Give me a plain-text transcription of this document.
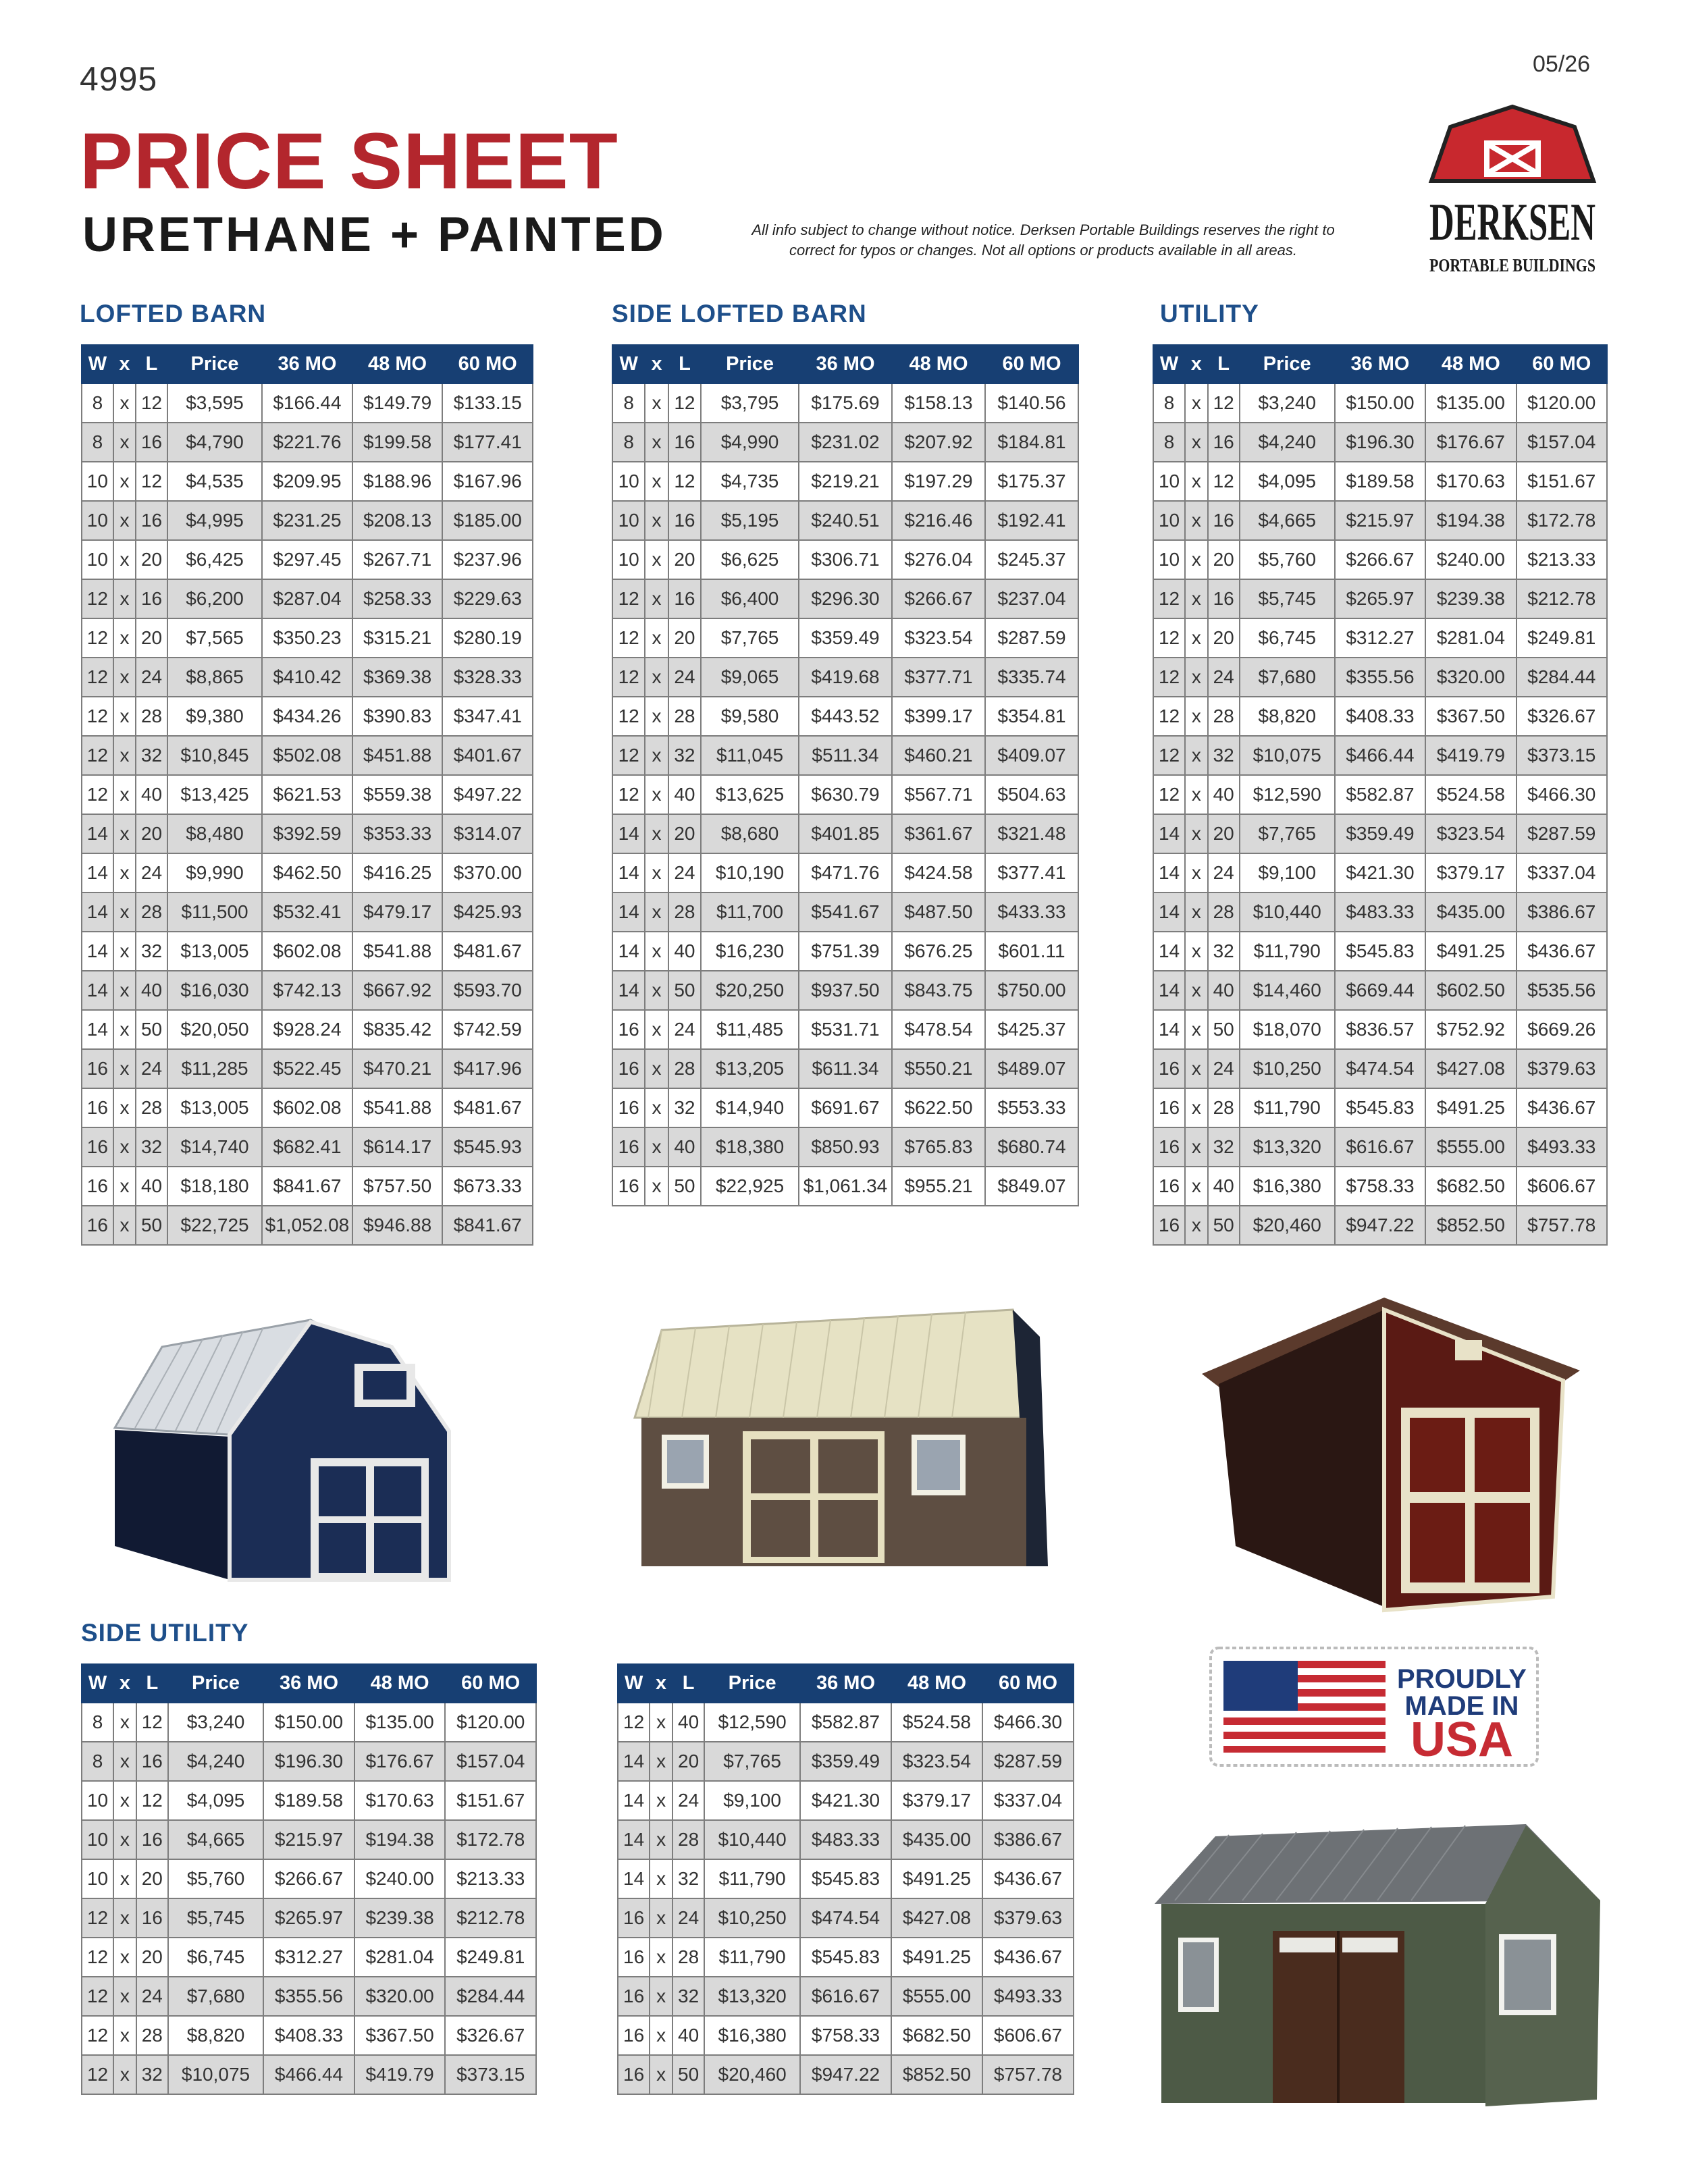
4995	05/26
PRICE SHEET
URETHANE + PAINTED	All info subject to change without notice. Derksen Portable Buildings reserves the right to correct for typos or changes. Not all options or products available in all areas.	DERKSEN
PORTABLE BUILDINGS
LOFTED BARN	SIDE LOFTED BARN	UTILITY
SIDE UTILITY
W	x	L	Price	36 MO	48 MO	60 MO
8	x	12	$3,595	$166.44	$149.79	$133.15
8	x	16	$4,790	$221.76	$199.58	$177.41
10	x	12	$4,535	$209.95	$188.96	$167.96
10	x	16	$4,995	$231.25	$208.13	$185.00
10	x	20	$6,425	$297.45	$267.71	$237.96
12	x	16	$6,200	$287.04	$258.33	$229.63
12	x	20	$7,565	$350.23	$315.21	$280.19
12	x	24	$8,865	$410.42	$369.38	$328.33
12	x	28	$9,380	$434.26	$390.83	$347.41
12	x	32	$10,845	$502.08	$451.88	$401.67
12	x	40	$13,425	$621.53	$559.38	$497.22
14	x	20	$8,480	$392.59	$353.33	$314.07
14	x	24	$9,990	$462.50	$416.25	$370.00
14	x	28	$11,500	$532.41	$479.17	$425.93
14	x	32	$13,005	$602.08	$541.88	$481.67
14	x	40	$16,030	$742.13	$667.92	$593.70
14	x	50	$20,050	$928.24	$835.42	$742.59
16	x	24	$11,285	$522.45	$470.21	$417.96
16	x	28	$13,005	$602.08	$541.88	$481.67
16	x	32	$14,740	$682.41	$614.17	$545.93
16	x	40	$18,180	$841.67	$757.50	$673.33
16	x	50	$22,725	$1,052.08	$946.88	$841.67
W	x	L	Price	36 MO	48 MO	60 MO
8	x	12	$3,795	$175.69	$158.13	$140.56
8	x	16	$4,990	$231.02	$207.92	$184.81
10	x	12	$4,735	$219.21	$197.29	$175.37
10	x	16	$5,195	$240.51	$216.46	$192.41
10	x	20	$6,625	$306.71	$276.04	$245.37
12	x	16	$6,400	$296.30	$266.67	$237.04
12	x	20	$7,765	$359.49	$323.54	$287.59
12	x	24	$9,065	$419.68	$377.71	$335.74
12	x	28	$9,580	$443.52	$399.17	$354.81
12	x	32	$11,045	$511.34	$460.21	$409.07
12	x	40	$13,625	$630.79	$567.71	$504.63
14	x	20	$8,680	$401.85	$361.67	$321.48
14	x	24	$10,190	$471.76	$424.58	$377.41
14	x	28	$11,700	$541.67	$487.50	$433.33
14	x	40	$16,230	$751.39	$676.25	$601.11
14	x	50	$20,250	$937.50	$843.75	$750.00
16	x	24	$11,485	$531.71	$478.54	$425.37
16	x	28	$13,205	$611.34	$550.21	$489.07
16	x	32	$14,940	$691.67	$622.50	$553.33
16	x	40	$18,380	$850.93	$765.83	$680.74
16	x	50	$22,925	$1,061.34	$955.21	$849.07
W	x	L	Price	36 MO	48 MO	60 MO
8	x	12	$3,240	$150.00	$135.00	$120.00
8	x	16	$4,240	$196.30	$176.67	$157.04
10	x	12	$4,095	$189.58	$170.63	$151.67
10	x	16	$4,665	$215.97	$194.38	$172.78
10	x	20	$5,760	$266.67	$240.00	$213.33
12	x	16	$5,745	$265.97	$239.38	$212.78
12	x	20	$6,745	$312.27	$281.04	$249.81
12	x	24	$7,680	$355.56	$320.00	$284.44
12	x	28	$8,820	$408.33	$367.50	$326.67
12	x	32	$10,075	$466.44	$419.79	$373.15
12	x	40	$12,590	$582.87	$524.58	$466.30
14	x	20	$7,765	$359.49	$323.54	$287.59
14	x	24	$9,100	$421.30	$379.17	$337.04
14	x	28	$10,440	$483.33	$435.00	$386.67
14	x	32	$11,790	$545.83	$491.25	$436.67
14	x	40	$14,460	$669.44	$602.50	$535.56
14	x	50	$18,070	$836.57	$752.92	$669.26
16	x	24	$10,250	$474.54	$427.08	$379.63
16	x	28	$11,790	$545.83	$491.25	$436.67
16	x	32	$13,320	$616.67	$555.00	$493.33
16	x	40	$16,380	$758.33	$682.50	$606.67
16	x	50	$20,460	$947.22	$852.50	$757.78
W	x	L	Price	36 MO	48 MO	60 MO
8	x	12	$3,240	$150.00	$135.00	$120.00
8	x	16	$4,240	$196.30	$176.67	$157.04
10	x	12	$4,095	$189.58	$170.63	$151.67
10	x	16	$4,665	$215.97	$194.38	$172.78
10	x	20	$5,760	$266.67	$240.00	$213.33
12	x	16	$5,745	$265.97	$239.38	$212.78
12	x	20	$6,745	$312.27	$281.04	$249.81
12	x	24	$7,680	$355.56	$320.00	$284.44
12	x	28	$8,820	$408.33	$367.50	$326.67
12	x	32	$10,075	$466.44	$419.79	$373.15
W	x	L	Price	36 MO	48 MO	60 MO
12	x	40	$12,590	$582.87	$524.58	$466.30
14	x	20	$7,765	$359.49	$323.54	$287.59
14	x	24	$9,100	$421.30	$379.17	$337.04
14	x	28	$10,440	$483.33	$435.00	$386.67
14	x	32	$11,790	$545.83	$491.25	$436.67
16	x	24	$10,250	$474.54	$427.08	$379.63
16	x	28	$11,790	$545.83	$491.25	$436.67
16	x	32	$13,320	$616.67	$555.00	$493.33
16	x	40	$16,380	$758.33	$682.50	$606.67
16	x	50	$20,460	$947.22	$852.50	$757.78
PROUDLY
MADE IN
USA
